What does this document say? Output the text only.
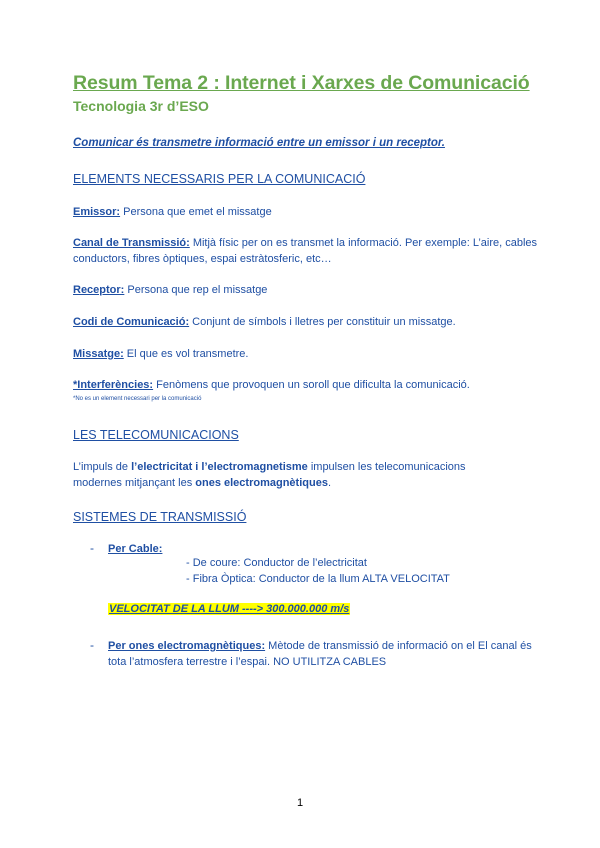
Resum Tema 2 : Internet i Xarxes de Comunicació
Tecnologia 3r d’ESO
Comunicar és transmetre informació entre un emissor i un receptor.
ELEMENTS NECESSARIS PER LA COMUNICACIÓ
Emissor: Persona que emet el missatge
Canal de Transmissió: Mitjà físic per on es transmet la informació. Per exemple: L’aire, cables conductors, fibres òptiques, espai estràtosferic, etc…
Receptor: Persona que rep el missatge
Codi de Comunicació: Conjunt de símbols i lletres per constituir un missatge.
Missatge: El que es vol transmetre.
*Interferències: Fenòmens que provoquen un soroll que dificulta la comunicació.
*No es un element necessari per la comunicació
LES TELECOMUNICACIONS
L’impuls de l’electricitat i l’electromagnetisme impulsen les telecomunicacions modernes mitjançant les ones electromagnètiques.
SISTEMES DE TRANSMISSIÓ
- Per Cable:
- De coure: Conductor de l’electricitat
- Fibra Òptica: Conductor de la llum ALTA VELOCITAT
VELOCITAT DE LA LLUM ----> 300.000.000 m/s
- Per ones electromagnètiques: Mètode de transmissió de informació on el El canal és tota l’atmosfera terrestre i l’espai. NO UTILITZA CABLES
1
